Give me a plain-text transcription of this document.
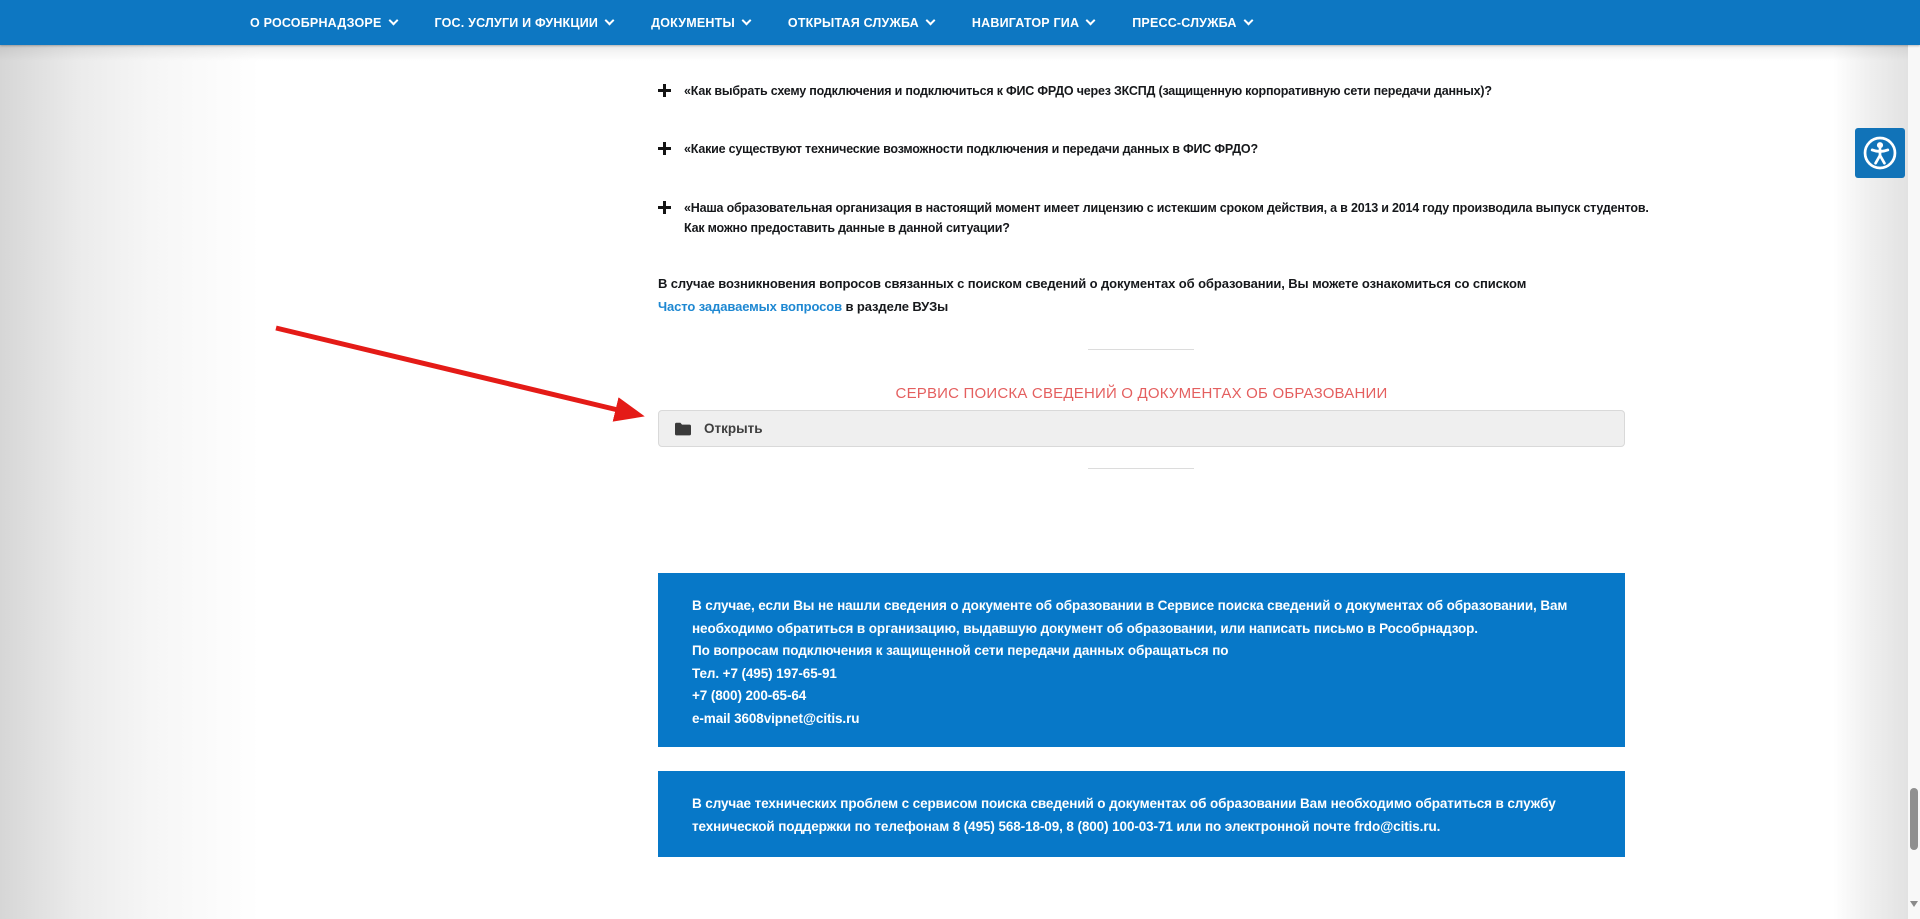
О РОСОБРНАДЗОРЕ	ГОС. УСЛУГИ И ФУНКЦИИ	ДОКУМЕНТЫ	ОТКРЫТАЯ СЛУЖБА	НАВИГАТОР ГИА	ПРЕСС-СЛУЖБА
«Как выбрать схему подключения и подключиться к ФИС ФРДО через ЗКСПД (защищенную корпоративную сети передачи данных)?
«Какие существуют технические возможности подключения и передачи данных в ФИС ФРДО?
«Наша образовательная организация в настоящий момент имеет лицензию с истекшим сроком действия, а в 2013 и 2014 году производила выпуск студентов.
Как можно предоставить данные в данной ситуации?
В случае возникновения вопросов связанных с поиском сведений о документах об образовании, Вы можете ознакомиться со списком
Часто задаваемых вопросов в разделе ВУЗы
СЕРВИС ПОИСКА СВЕДЕНИЙ О ДОКУМЕНТАХ ОБ ОБРАЗОВАНИИ
Открыть
В случае, если Вы не нашли сведения о документе об образовании в Сервисе поиска сведений о документах об образовании, Вам
необходимо обратиться в организацию, выдавшую документ об образовании, или написать письмо в Рособрнадзор.
По вопросам подключения к защищенной сети передачи данных обращаться по
Тел. +7 (495) 197-65-91
+7 (800) 200-65-64
e-mail 3608vipnet@citis.ru
В случае технических проблем с сервисом поиска сведений о документах об образовании Вам необходимо обратиться в службу
технической поддержки по телефонам 8 (495) 568-18-09, 8 (800) 100-03-71 или по электронной почте frdo@citis.ru.
